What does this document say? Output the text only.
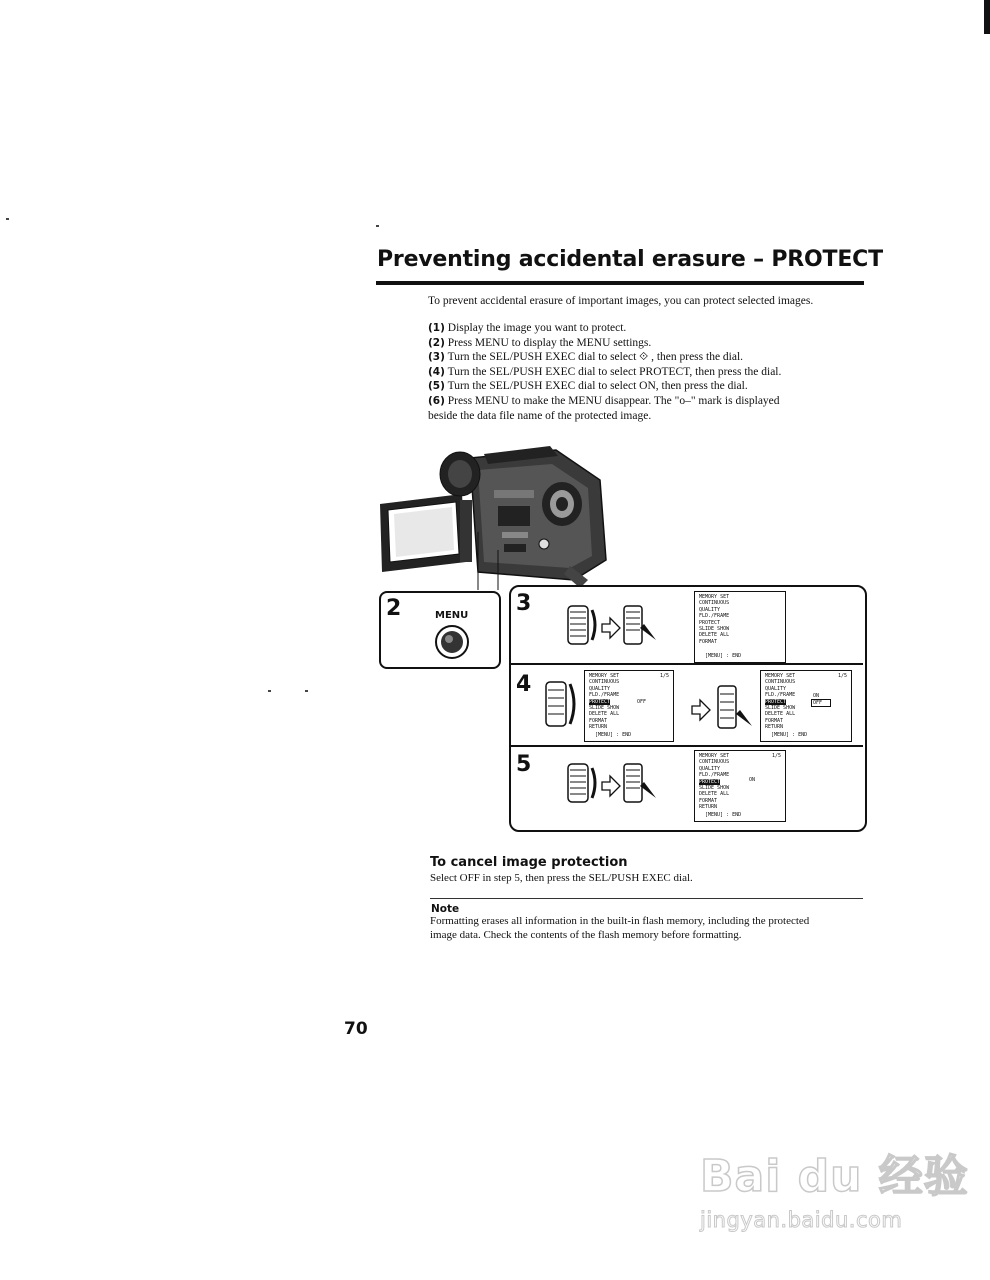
Preventing accidental erasure – PROTECT
To prevent accidental erasure of important images, you can protect selected images.
(1) Display the image you want to protect.
(2) Press MENU to display the MENU settings.
(3) Turn the SEL/PUSH EXEC dial to select ⟐ , then press the dial.
(4) Turn the SEL/PUSH EXEC dial to select PROTECT, then press the dial.
(5) Turn the SEL/PUSH EXEC dial to select ON, then press the dial.
(6) Press MENU to make the MENU disappear. The "o–" mark is displayed
beside the data file name of the protected image.
2	MENU 3
4
5
MEMORY SET
CONTINUOUS
QUALITY
FLD./FRAME
PROTECT
SLIDE SHOW
DELETE ALL
FORMAT
[MENU] : END
1/5
MEMORY SET
CONTINUOUS
QUALITY
FLD./FRAME
PROTECT
SLIDE SHOW
DELETE ALL
FORMAT
RETURN
OFF
[MENU] : END
1/5
MEMORY SET
CONTINUOUS
QUALITY
FLD./FRAME
PROTECT
SLIDE SHOW
DELETE ALL
FORMAT
RETURN
ON
OFF
[MENU] : END
1/5
MEMORY SET
CONTINUOUS
QUALITY
FLD./FRAME
PROTECT
SLIDE SHOW
DELETE ALL
FORMAT
RETURN
ON
[MENU] : END
To cancel image protection
Select OFF in step 5, then press the SEL/PUSH EXEC dial.
Note
Formatting erases all information in the built-in flash memory, including the protected
image data. Check the contents of the flash memory before formatting.
70
Bai du 经验
jingyan.baidu.com
